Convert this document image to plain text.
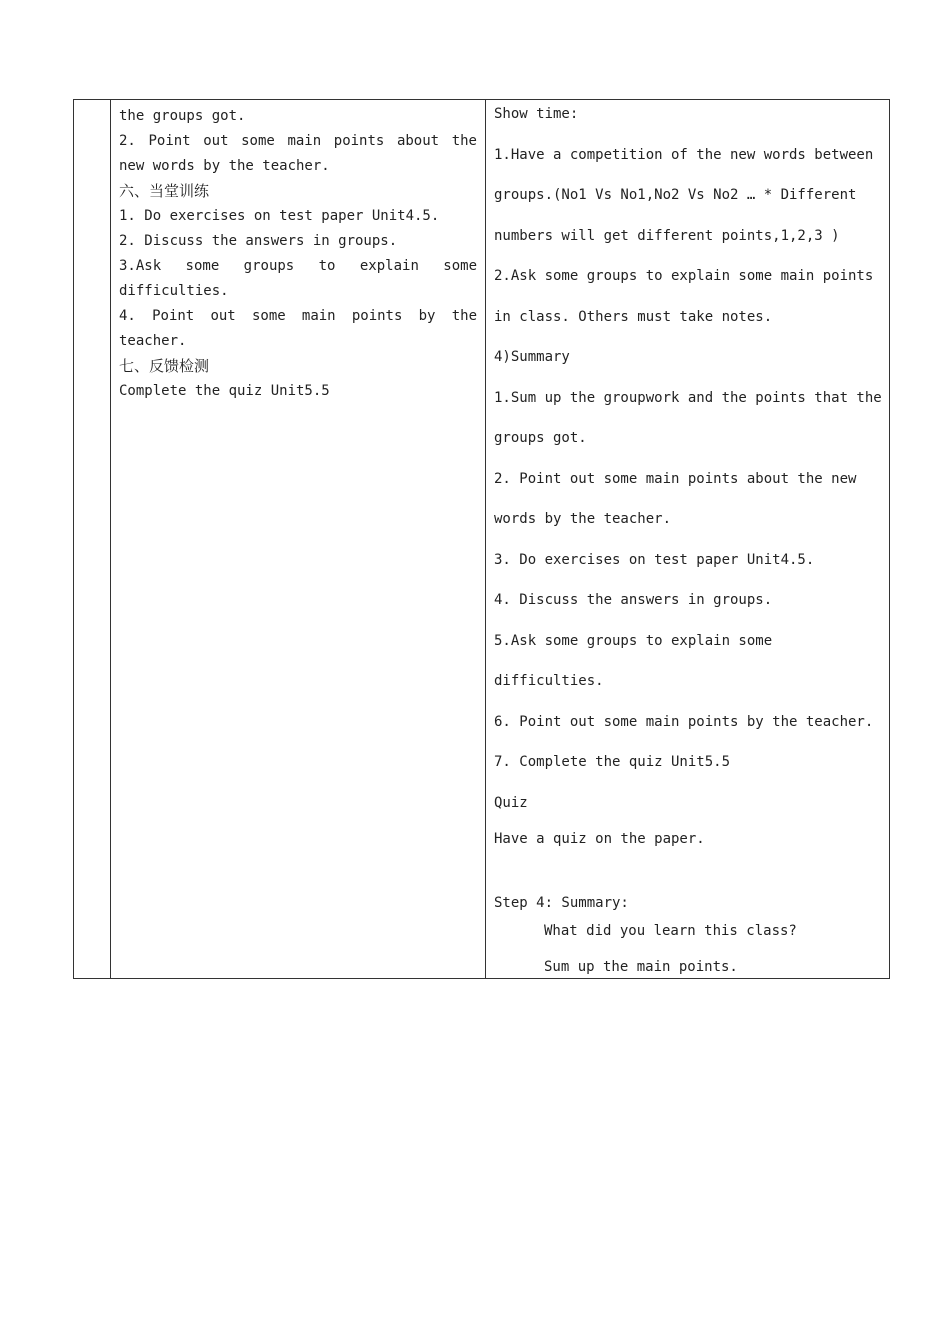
the groups got.
2. Point out some main points about the
new words by the teacher.
六、当堂训练
1. Do exercises on test paper Unit4.5.
2. Discuss the answers in groups.
3.Ask some groups to explain some
difficulties.
4. Point out some main points by the
teacher.
七、反馈检测
Complete the quiz Unit5.5

Show time:
1.Have a competition of the new words between
groups.(No1 Vs No1,No2 Vs No2 … * Different
numbers will get different points,1,2,3 )
2.Ask some groups to explain some main points
in class. Others must take notes.
4)Summary
1.Sum up the groupwork and the points that the
groups got.
2. Point out some main points about the new
words by the teacher.
3. Do exercises on test paper Unit4.5.
4. Discuss the answers in groups.
5.Ask some groups to explain some
difficulties.
6. Point out some main points by the teacher.
7. Complete the quiz Unit5.5
Quiz
Have a quiz on the paper.
Step 4: Summary:
What did you learn this class?
Sum up the main points.
